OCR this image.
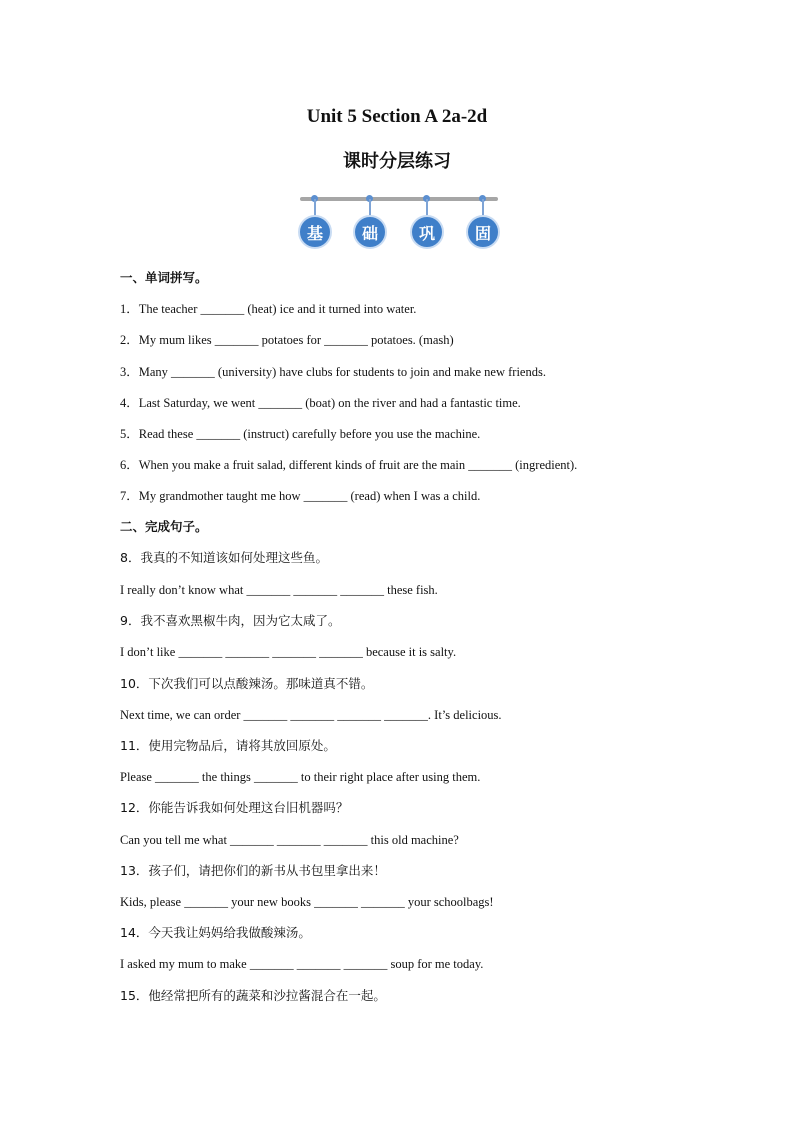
Unit 5 Section A 2a-2d
课时分层练习
基	础	巩	固
一、单词拼写。
1．The teacher _______ (heat) ice and it turned into water.
2．My mum likes _______ potatoes for _______ potatoes. (mash)
3．Many _______ (university) have clubs for students to join and make new friends.
4．Last Saturday, we went _______ (boat) on the river and had a fantastic time.
5．Read these _______ (instruct) carefully before you use the machine.
6．When you make a fruit salad, different kinds of fruit are the main _______ (ingredient).
7．My grandmother taught me how _______ (read) when I was a child.
二、完成句子。
8．我真的不知道该如何处理这些鱼。
I really don’t know what _______ _______ _______ these fish.
9．我不喜欢黑椒牛肉，因为它太咸了。
I don’t like _______ _______ _______ _______ because it is salty.
10．下次我们可以点酸辣汤。那味道真不错。
Next time, we can order _______ _______ _______ _______. It’s delicious.
11．使用完物品后，请将其放回原处。
Please _______ the things _______ to their right place after using them.
12．你能告诉我如何处理这台旧机器吗？
Can you tell me what _______ _______ _______ this old machine?
13．孩子们，请把你们的新书从书包里拿出来！
Kids, please _______ your new books _______ _______ your schoolbags!
14．今天我让妈妈给我做酸辣汤。
I asked my mum to make _______ _______ _______ soup for me today.
15．他经常把所有的蔬菜和沙拉酱混合在一起。
